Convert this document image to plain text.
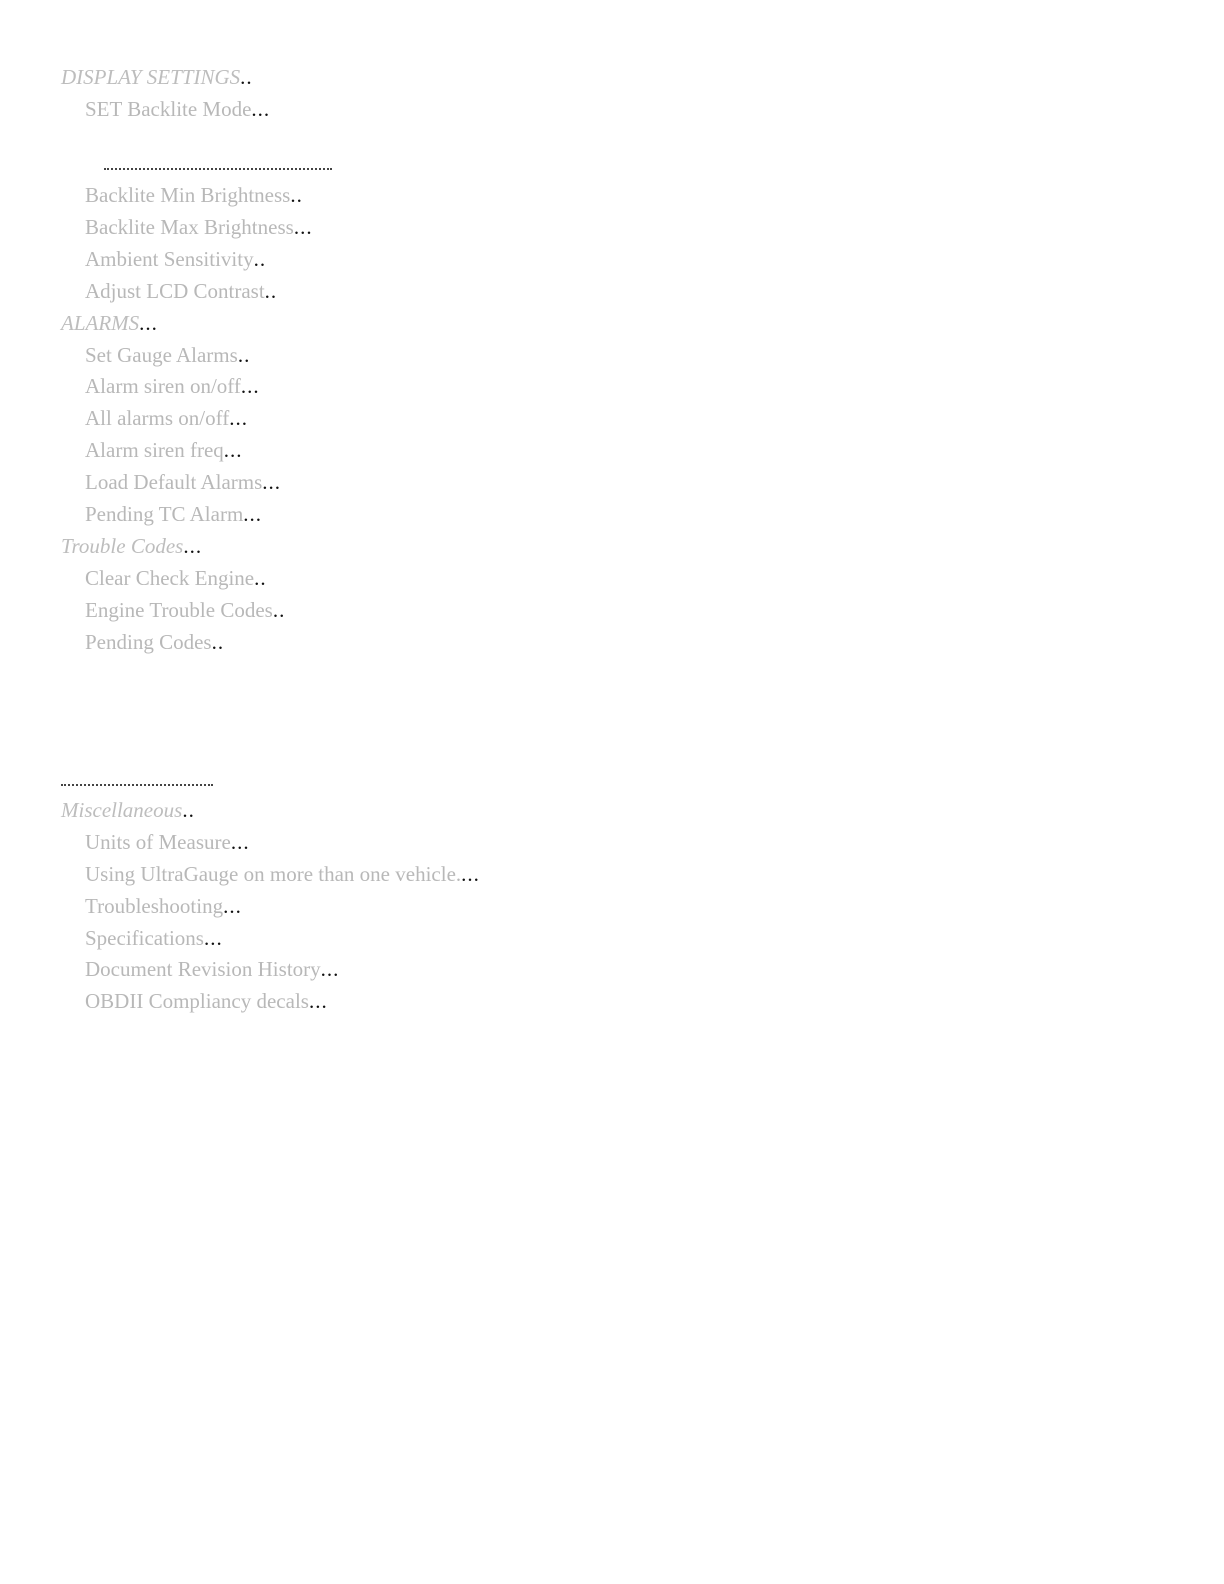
DISPLAY SETTINGS..
SET Backlite Mode...
Backlite Min Brightness..
Backlite Max Brightness...
Ambient Sensitivity..
Adjust LCD Contrast..
ALARMS...
Set Gauge Alarms..
Alarm siren on/off...
All alarms on/off...
Alarm siren freq...
Load Default Alarms...
Pending TC Alarm...
Trouble Codes...
Clear Check Engine..
Engine Trouble Codes..
Pending Codes..
Miscellaneous..
Units of Measure...
Using UltraGauge on more than one vehicle....
Troubleshooting...
Specifications...
Document Revision History...
OBDII Compliancy decals...
